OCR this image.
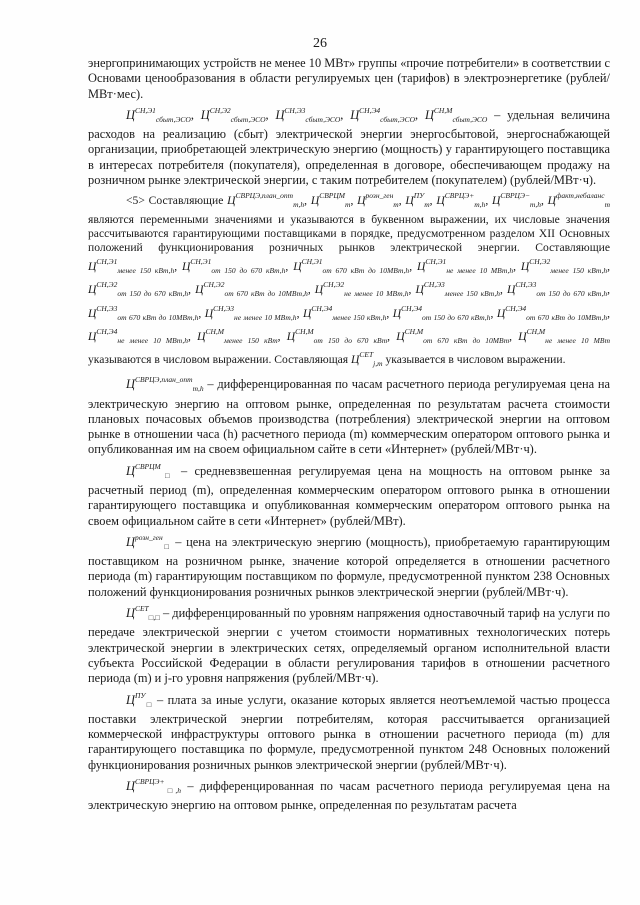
26

энергопринимающих устройств не менее 10 МВт» группы «прочие потребители» в соответствии с Основами ценообразования в области регулируемых цен (тарифов) в электроэнергетике (рублей/МВт·мес).

$Ц^{СН,Э1}_{сбыт,ЭСО}$, $Ц^{СН,Э2}_{сбыт,ЭСО}$, $Ц^{СН,Э3}_{сбыт,ЭСО}$, $Ц^{СН,Э4}_{сбыт,ЭСО}$, $Ц^{СН,М}_{сбыт,ЭСО}$ – удельная величина расходов на реализацию (сбыт) электрической энергии энергосбытовой, энергоснабжающей организации, приобретающей электрическую энергию (мощность) у гарантирующего поставщика в интересах потребителя (покупателя), определенная в договоре, обеспечивающем продажу на розничном рынке электрической энергии, с таким потребителем (покупателем) (рублей/МВт·ч).

<5> Составляющие $Ц^{СВРЦЭ,план\_опт}_{m,h}$, $Ц^{СВРЦМ}_m$, $Ц^{розн\_ген}_m$, $Ц^{ПУ}_m$, $Ц^{СВРЦЭ+}_{m,h}$, $Ц^{СВРЦЭ-}_{m,h}$, $Ц^{факт,небаланс}_m$ являются переменными значениями и указываются в буквенном выражении, их числовые значения рассчитываются гарантирующими поставщиками в порядке, предусмотренном разделом XII Основных положений функционирования розничных рынков электрической энергии. Составляющие $Ц^{СН,Э1}_{менее 150 кВт,h}$, $Ц^{СН,Э1}_{от 150 до 670 кВт,h}$, $Ц^{СН,Э1}_{от 670 кВт до 10МВт,h}$, $Ц^{СН,Э1}_{не менее 10 МВт,h}$, $Ц^{СН,Э2}_{менее 150 кВт,h}$, $Ц^{СН,Э2}_{от 150 до 670 кВт,h}$, $Ц^{СН,Э2}_{от 670 кВт до 10МВт,h}$, $Ц^{СН,Э2}_{не менее 10 МВт,h}$, $Ц^{СН,Э3}_{менее 150 кВт,h}$, $Ц^{СН,Э3}_{от 150 до 670 кВт,h}$, $Ц^{СН,Э3}_{от 670 кВт до 10МВт,h}$, $Ц^{СН,Э3}_{не менее 10 МВт,h}$, $Ц^{СН,Э4}_{менее 150 кВт,h}$, $Ц^{СН,Э4}_{от 150 до 670 кВт,h}$, $Ц^{СН,Э4}_{от 670 кВт до 10МВт,h}$, $Ц^{СН,Э4}_{не менее 10 МВт,h}$, $Ц^{СН,М}_{менее 150 кВт}$, $Ц^{СН,М}_{от 150 до 670 кВт}$, $Ц^{СН,М}_{от 670 кВт до 10МВт}$, $Ц^{СН,М}_{не менее 10 МВт}$ указываются в числовом выражении. Составляющая $Ц^{СЕТ}_{j,m}$ указывается в числовом выражении.

$Ц^{СВРЦЭ,план\_опт}_{m,h}$ – дифференцированная по часам расчетного периода регулируемая цена на электрическую энергию на оптовом рынке, определенная по результатам расчета стоимости плановых почасовых объемов производства (потребления) электрической энергии на оптовом рынке в отношении часа (h) расчетного периода (m) коммерческим оператором оптового рынка и опубликованная им на своем официальном сайте в сети «Интернет» (рублей/МВт·ч).

$Ц^{СВРЦМ}_□$ – средневзвешенная регулируемая цена на мощность на оптовом рынке за расчетный период (m), определенная коммерческим оператором оптового рынка в отношении гарантирующего поставщика и опубликованная коммерческим оператором оптового рынка на своем официальном сайте в сети «Интернет» (рублей/МВт).

$Ц^{розн\_ген}_□$ – цена на электрическую энергию (мощность), приобретаемую гарантирующим поставщиком на розничном рынке, значение которой определяется в отношении расчетного периода (m) гарантирующим поставщиком по формуле, предусмотренной пунктом 238 Основных положений функционирования розничных рынков электрической энергии (рублей/МВт·ч).

$Ц^{СЕТ}_{□,□}$ – дифференцированный по уровням напряжения одноставочный тариф на услуги по передаче электрической энергии с учетом стоимости нормативных технологических потерь электрической энергии в электрических сетях, определяемый органом исполнительной власти субъекта Российской Федерации в области регулирования тарифов в отношении расчетного периода (m) и j-го уровня напряжения (рублей/МВт·ч).

$Ц^{ПУ}_□$ – плата за иные услуги, оказание которых является неотъемлемой частью процесса поставки электрической энергии потребителям, которая рассчитывается организацией коммерческой инфраструктуры оптового рынка в отношении расчетного периода (m) для гарантирующего поставщика по формуле, предусмотренной пунктом 248 Основных положений функционирования розничных рынков электрической энергии (рублей/МВт·ч).

$Ц^{СВРЦЭ+}_{□,h}$ – дифференцированная по часам расчетного периода регулируемая цена на электрическую энергию на оптовом рынке, определенная по результатам расчета
